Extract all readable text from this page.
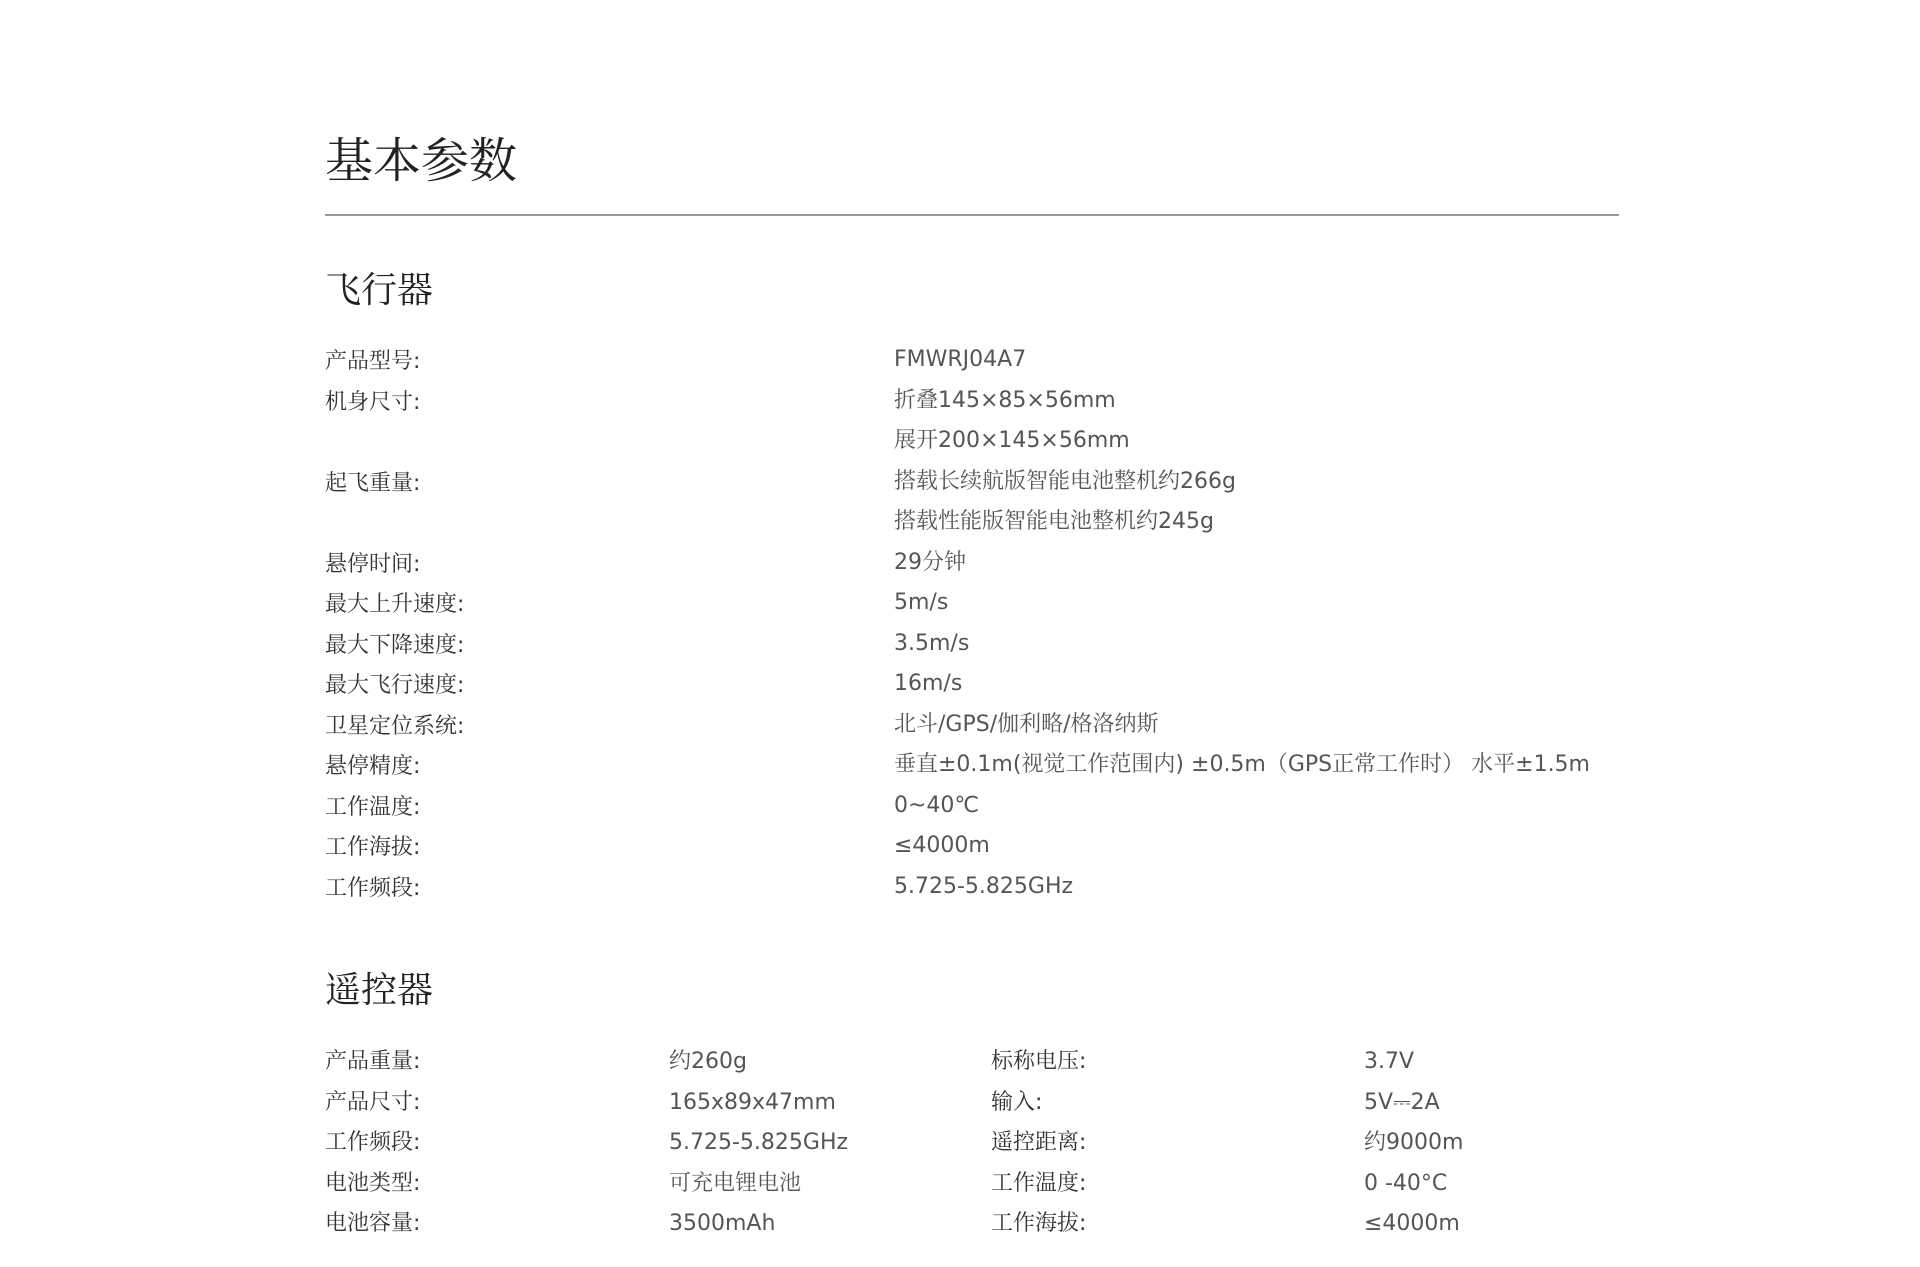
基本参数
飞行器
产品型号:	FMWRJ04A7
机身尺寸:	折叠145×85×56mm
展开200×145×56mm
起飞重量:	搭载长续航版智能电池整机约266g
搭载性能版智能电池整机约245g
悬停时间:	29分钟
最大上升速度:	5m/s
最大下降速度:	3.5m/s
最大飞行速度:	16m/s
卫星定位系统:	北斗/GPS/伽利略/格洛纳斯
悬停精度:	垂直±0.1m(视觉工作范围内) ±0.5m（GPS正常工作时） 水平±1.5m
工作温度:	0~40℃
工作海拔:	≤4000m
工作频段:	5.725-5.825GHz
遥控器
产品重量:	约260g	标称电压:	3.7V
产品尺寸:	165x89x47mm	输入:	5V⎓2A
工作频段:	5.725-5.825GHz	遥控距离:	约9000m
电池类型:	可充电锂电池	工作温度:	0 -40°C
电池容量:	3500mAh	工作海拔:	≤4000m
